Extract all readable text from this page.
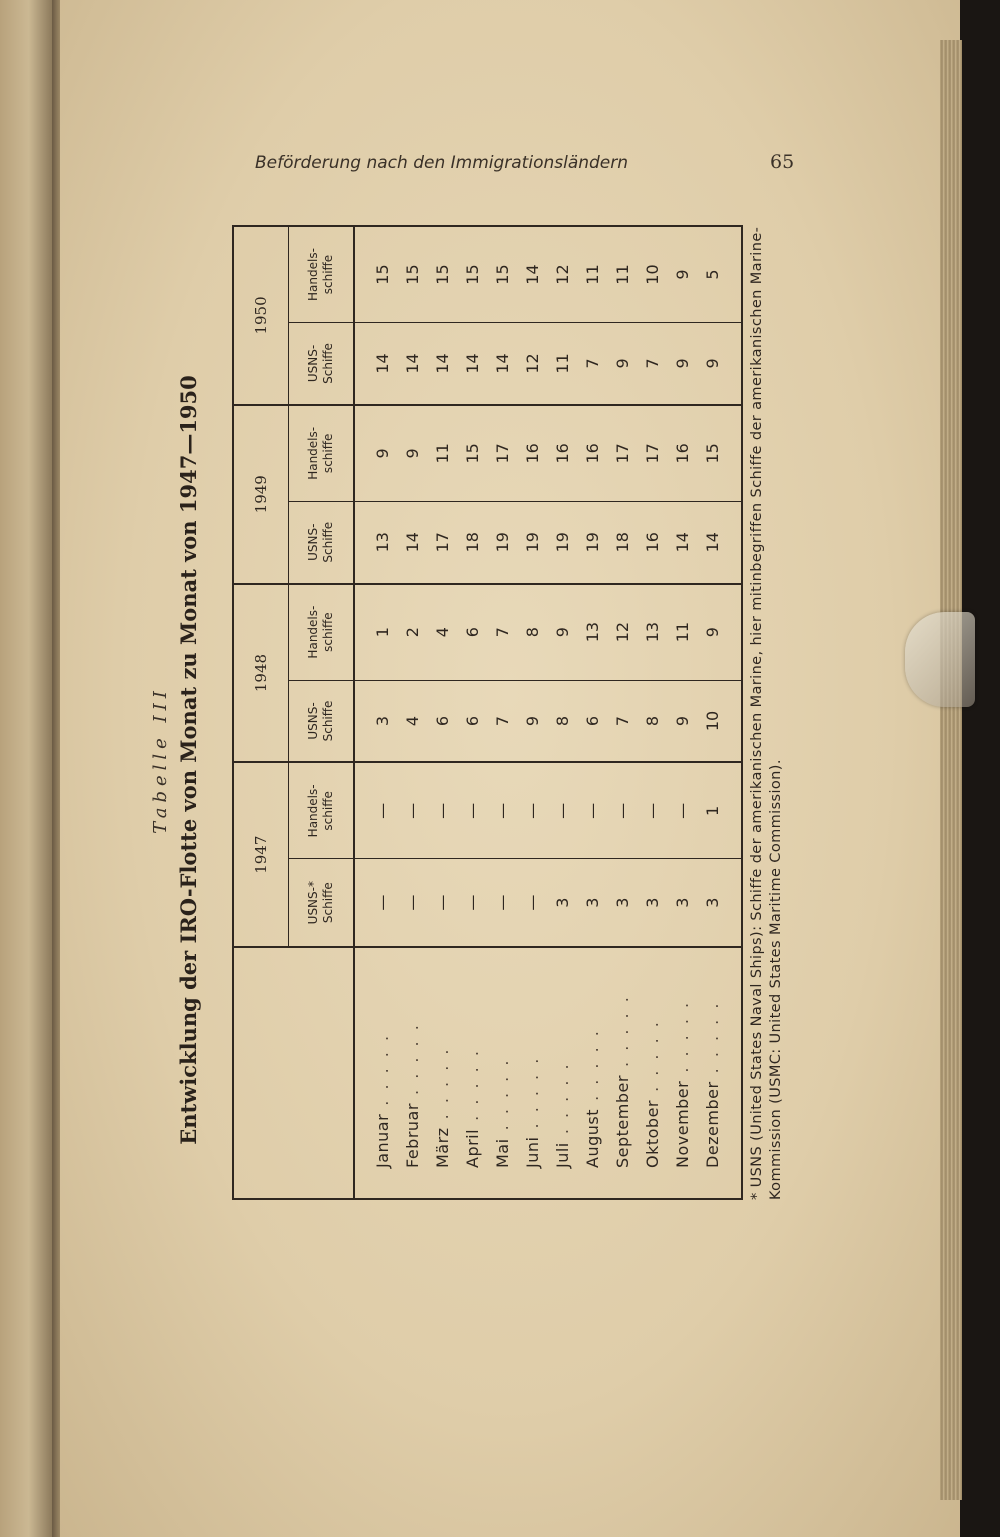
Beförderung nach den Immigrationsländern	65
Tabelle III Entwicklung der IRO-Flotte von Monat zu Monat von 1947—1950
		1947		1948		1949		1950	
	USNS-* Schiffe	Handels- schiffe	USNS- Schiffe	Handels- schiffe	USNS- Schiffe	Handels- schiffe	USNS- Schiffe	Handels- schiffe
Januar . . . . .	—	—	3	1	13	9	14	15
Februar . . . . .	—	—	4	2	14	9	14	15
März . . . . .	—	—	6	4	17	11	14	15
April . . . . .	—	—	6	6	18	15	14	15
Mai . . . . .	—	—	7	7	19	17	14	15
Juni . . . . .	—	—	9	8	19	16	12	14
Juli . . . . .	3	—	8	9	19	16	11	12
August . . . . .	3	—	6	13	19	16	7	11
September . . . . .	3	—	7	12	18	17	9	11
Oktober . . . . .	3	—	8	13	16	17	7	10
November . . . . .	3	—	9	11	14	16	9	9
Dezember . . . . .	3	1	10	9	14	15	9	5 * USNS (United States Naval Ships): Schiffe der amerikanischen Marine, hier mitinbegriffen Schiffe der amerikanischen Marine-Kommission (USMC: United States Maritime Commission).
